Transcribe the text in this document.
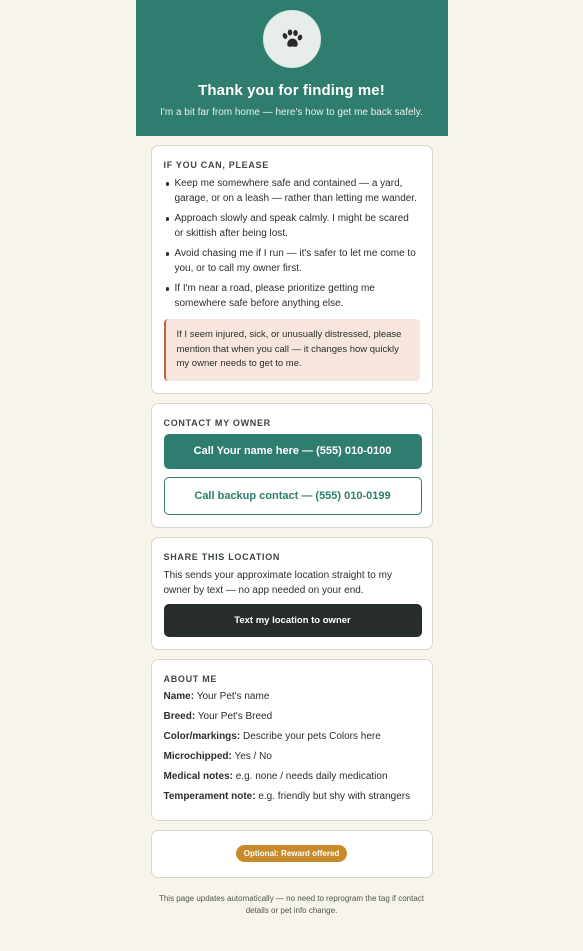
Thank you for finding me!

I'm a bit far from home — here's how to get me back safely.

IF YOU CAN, PLEASE
Keep me somewhere safe and contained — a yard, garage, or on a leash — rather than letting me wander.
Approach slowly and speak calmly. I might be scared or skittish after being lost.
Avoid chasing me if I run — it's safer to let me come to you, or to call my owner first.
If I'm near a road, please prioritize getting me somewhere safe before anything else.
If I seem injured, sick, or unusually distressed, please mention that when you call — it changes how quickly my owner needs to get to me.
CONTACT MY OWNER
Call Your name here — (555) 010-0100
Call backup contact — (555) 010-0199
SHARE THIS LOCATION

This sends your approximate location straight to my owner by text — no app needed on your end.

Text my location to owner
ABOUT ME
Name: Your Pet's name
Breed: Your Pet's Breed
Color/markings: Describe your pets Colors here
Microchipped: Yes / No
Medical notes: e.g. none / needs daily medication
Temperament note: e.g. friendly but shy with strangers
Optional: Reward offered
This page updates automatically — no need to reprogram the tag if contact details or pet info change.
